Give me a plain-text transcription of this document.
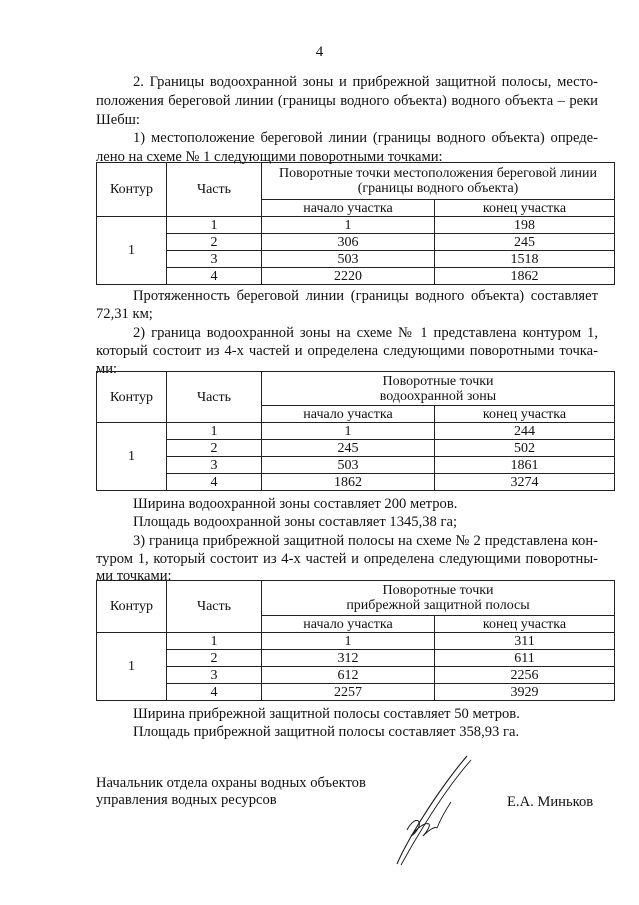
4
2. Границы водоохранной зоны и прибрежной защитной полосы, место-
положения береговой линии (границы водного объекта) водного объекта – реки
Шебш:
1) местоположение береговой линии (границы водного объекта) опреде-
лено на схеме № 1 следующими поворотными точками:
Контур	Часть	Поворотные точки местоположения береговой линии
(границы водного объекта)	

		начало участка	конец участка
1	1	1	198
	2	306	245
	3	503	1518
	4	2220	1862
Протяженность береговой линии (границы водного объекта) составляет
72,31 км;
2) граница водоохранной зоны на схеме № 1 представлена контуром 1,
который состоит из 4-х частей и определена следующими поворотными точка-
ми:
Контур	Часть	Поворотные точки
водоохранной зоны	

		начало участка	конец участка
1	1	1	244
	2	245	502
	3	503	1861
	4	1862	3274
Ширина водоохранной зоны составляет 200 метров.
Площадь водоохранной зоны составляет 1345,38 га;
3) граница прибрежной защитной полосы на схеме № 2 представлена кон-
туром 1, который состоит из 4-х частей и определена следующими поворотны-
ми точками:
Контур	Часть	Поворотные точки
прибрежной защитной полосы	

		начало участка	конец участка
1	1	1	311
	2	312	611
	3	612	2256
	4	2257	3929
Ширина прибрежной защитной полосы составляет 50 метров.
Площадь прибрежной защитной полосы составляет 358,93 га.
Начальник отдела охраны водных объектов
управления водных ресурсов	Е.А. Миньков
